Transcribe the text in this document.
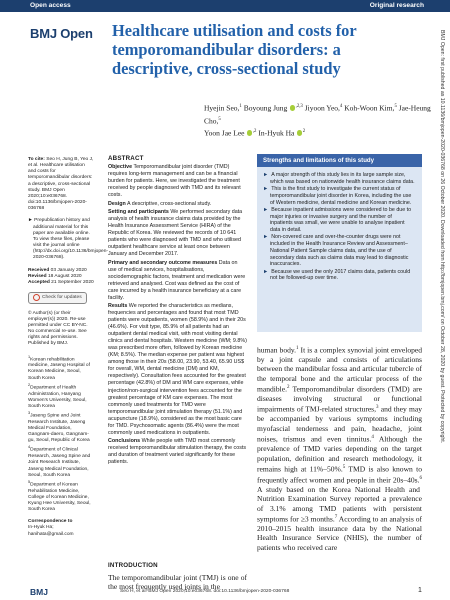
Open access	Original research
BMJ Open Healthcare utilisation and costs for temporomandibular disorders: a descriptive, cross-sectional study
Hyejin Seo,$^1$ Boyoung Jung $^{,2,3}$ Jiyoon Yeo,$^4$ Koh-Woon Kim,$^5$ Jae-Heung Cho,$^5$
Yoon Jae Lee $^{,2}$ In-Hyuk Ha $^2$
To cite: Seo H, Jung B, Yeo J, et al. Healthcare utilisation and costs for temporomandibular disorders: a descriptive, cross-sectional study. BMJ Open 2020;10:e036768. doi:10.1136/bmjopen-2020-036768
► Prepublication history and additional material for this paper are available online. To view these files, please visit the journal online (http://dx.doi.org/10.1136/bmjopen-2020-036768).
Received 03 January 2020
Revised 18 August 2020
Accepted 21 September 2020
Check for updates
© Author(s) (or their employer(s)) 2020. Re-use permitted under CC BY-NC. No commercial re-use. See rights and permissions. Published by BMJ.
$^1$Korean rehabilitation medicine, Jaseng Hospital of Korean Medicine, Seoul, South Korea
$^2$Department of Health Administration, Hanyang Women's University, Seoul, South Korea
$^3$Jaseng Spine and Joint Research Institute, Jaseng Medical Foundation, Gangnam-daero, Gangnam-gu, Seoul, Republic of Korea
$^4$Department of Clinical Research, Jaseng Spine and Joint Research Institute, Jaseng Medical Foundation, Seoul, South Korea
$^5$Department of Korean Rehabilitation Medicine, College of Korean Medicine, Kyung Hee University, Seoul, South Korea
Correspondence to
In-Hyuk Ha;
hanihata@gmail.com
ABSTRACT

Objective Temporomandibular joint disorder (TMD) requires long-term management and can be a financial burden for patients. Here, we investigated the treatment received by people diagnosed with TMD and its relevant costs.

Design A descriptive, cross-sectional study.

Setting and participants We performed secondary data analysis of health insurance claims data provided by the Health Insurance Assessment Service (HIRA) of the Republic of Korea. We reviewed the records of 10 641 patients who were diagnosed with TMD and who utilised outpatient healthcare service at least once between January and December 2017.

Primary and secondary outcome measures Data on use of medical services, hospitalisations, sociodemographic factors, treatment and medication were retrieved and analysed. Cost was defined as the cost of care incurred by a health insurance beneficiary at a care facility.

Results We reported the characteristics as medians, frequencies and percentages and found that most TMD patients were outpatients, women (58.9%) and in their 20s (46.6%). For visit type, 85.9% of all patients had an outpatient dental medical visit, with most visiting dental clinics and dental hospitals. Western medicine (WM; 9.8%) was prescribed more often, followed by Korean medicine (KM; 8.5%). The median expense per patient was highest among those in their 20s (58.00, 23.90, 53.40, 65.90 US$ for overall, WM, dental medicine (DM) and KM, respectively). Consultation fees accounted for the greatest percentage (42.8%) of DM and WM care expenses, while injection/non-surgical intervention fees accounted for the greatest percentage of KM care expenses. The most commonly used treatments for TMD were temporomandibular joint stimulation therapy (51.1%) and acupuncture (18.9%), considered as the most basic care for TMD. Psychosomatic agents (86.4%) were the most commonly used medications in outpatients.

Conclusions While people with TMD most commonly received temporomandibular stimulation therapy, the costs and duration of treatment varied significantly for these patients.

INTRODUCTION
The temporomandibular joint (TMJ) is one of the most frequently used joints in the
Strengths and limitations of this study
►  A major strength of this study lies in its large sample size, which was based on nationwide health insurance claims data.
►  This is the first study to investigate the current status of temporomandibular joint disorder in Korea, including the use of Western medicine, dental medicine and Korean medicine.
►  Because inpatient admissions were considered to be due to major injuries or invasive surgery and the number of inpatients was small, we were unable to analyse inpatient data in detail.
►  Non-covered care and over-the-counter drugs were not included in the Health Insurance Review and Assessment–National Patient Sample claims data, and the use of secondary data such as claims data may lead to diagnostic inaccuracies.
►  Because we used the only 2017 claims data, patients could not be followed-up over time.
human body.$^1$ It is a complex synovial joint enveloped by a joint capsule and consists of articulations between the mandibular fossa and articular tubercle of the temporal bone and the articular process of the mandible.$^2$ Temporomandibular disorders (TMD) are diseases involving structural or functional impairments of TMJ-related structures,$^3$ and they may be accompanied by various symptoms including myofascial tenderness and pain, headache, joint noises, trismus and even tinnitus.$^4$ Although the prevalence of TMD varies depending on the target population, definition and research methodology, it remains high at 11%–50%.$^5$ TMD is also known to frequently affect women and people in their 20s–40s.$^6$ A study based on the Korea National Health and Nutrition Examination Survey reported a prevalence of 3.1% among TMD patients with persistent symptoms for ≥3 months.$^7$ According to an analysis of 2010–2015 health insurance data by the National Health Insurance Service (NHIS), the number of patients who received care
BMJ Open: first published as 10.1136/bmjopen-2020-036768 on 26 October 2020. Downloaded from http://bmjopen.bmj.com/ on October 28, 2020 by guest. Protected by copyright.
BMJ	Seo H, et al. BMJ Open 2020;10:e036768. doi:10.1136/bmjopen-2020-036768	1
